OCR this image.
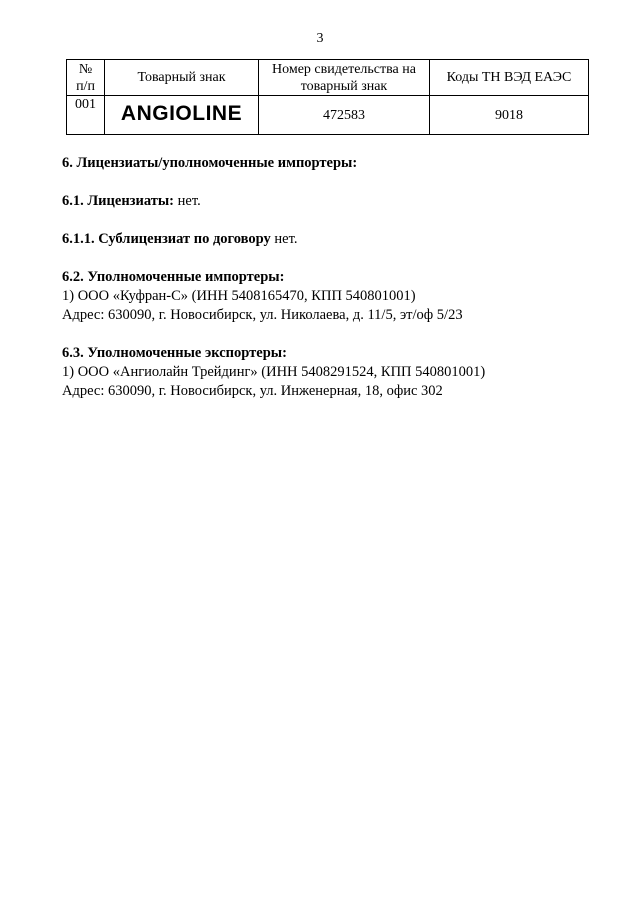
3
№
п/п	Товарный знак	Номер свидетельства на товарный знак	Коды ТН ВЭД ЕАЭС
001	ANGIOLINE	472583	9018

6. Лицензиаты/уполномоченные импортеры:

6.1. Лицензиаты: нет.

6.1.1. Сублицензиат по договору нет.

6.2. Уполномоченные импортеры:

1) ООО «Куфран-С» (ИНН 5408165470, КПП 540801001)

Адрес: 630090, г. Новосибирск, ул. Николаева, д. 11/5, эт/оф 5/23

6.3. Уполномоченные экспортеры:

1) ООО «Ангиолайн Трейдинг» (ИНН 5408291524, КПП 540801001)

Адрес: 630090, г. Новосибирск, ул. Инженерная, 18, офис 302
